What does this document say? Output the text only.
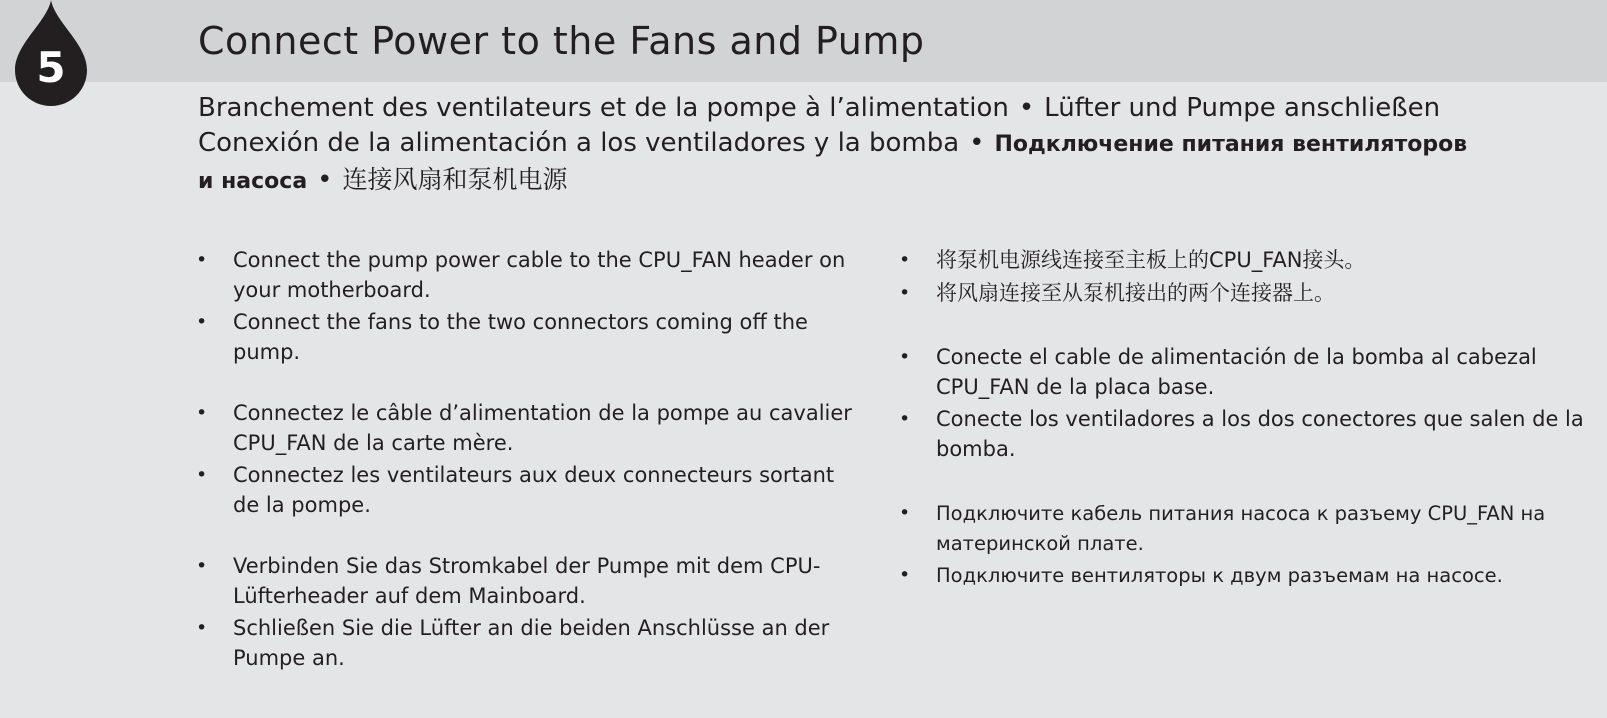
5
Connect Power to the Fans and Pump
Branchement des ventilateurs et de la pompe à l’alimentation • Lüfter und Pumpe anschließen
Conexión de la alimentación a los ventiladores y la bomba • Подключение питания вентиляторов
и насоса • 连接风扇和泵机电源
• Connect the pump power cable to the CPU_FAN header on your motherboard.
• Connect the fans to the two connectors coming off the pump.
• Connectez le câble d’alimentation de la pompe au cavalier CPU_FAN de la carte mère.
• Connectez les ventilateurs aux deux connecteurs sortant de la pompe.
• Verbinden Sie das Stromkabel der Pumpe mit dem CPU-Lüfterheader auf dem Mainboard.
• Schließen Sie die Lüfter an die beiden Anschlüsse an der Pumpe an.
• 将泵机电源线连接至主板上的CPU_FAN接头。
• 将风扇连接至从泵机接出的两个连接器上。
• Conecte el cable de alimentación de la bomba al cabezal CPU_FAN de la placa base.
• Conecte los ventiladores a los dos conectores que salen de la bomba.
• Подключите кабель питания насоса к разъему CPU_FAN на материнской плате.
• Подключите вентиляторы к двум разъемам на насосе.
